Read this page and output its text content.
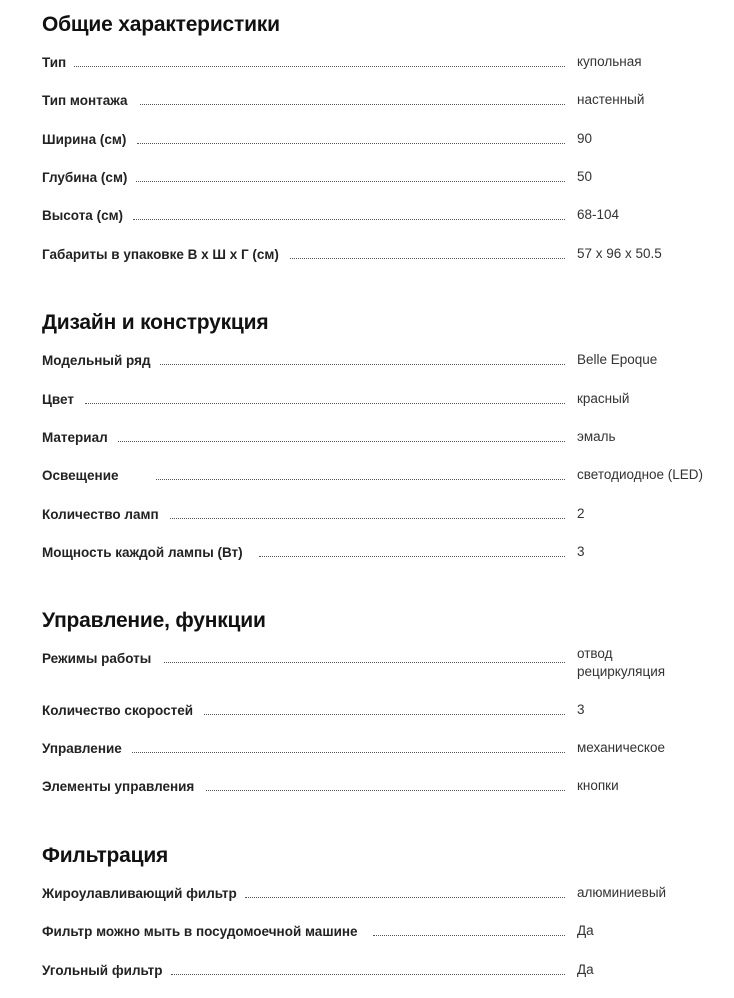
Общие характеристики
Тип	купольная
Тип монтажа	настенный
Ширина (см)	90
Глубина (см)	50
Высота (см)	68-104
Габариты в упаковке В х Ш х Г (см)	57 x 96 x 50.5
Дизайн и конструкция
Модельный ряд	Belle Epoque
Цвет	красный
Материал	эмаль
Освещение	светодиодное (LED)
Количество ламп	2
Мощность каждой лампы (Вт)	3
Управление, функции
Режимы работы	отвод
рециркуляция
Количество скоростей	3
Управление	механическое
Элементы управления	кнопки
Фильтрация
Жироулавливающий фильтр	алюминиевый
Фильтр можно мыть в посудомоечной машине	Да
Угольный фильтр	Да
